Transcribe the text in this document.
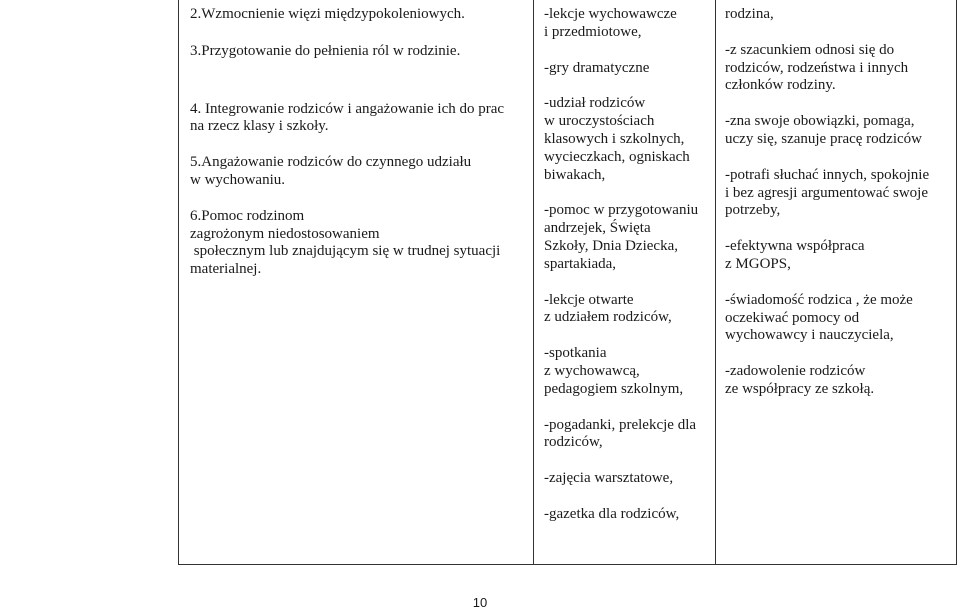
2.Wzmocnienie więzi międzypokoleniowych.

3.Przygotowanie do pełnienia ról w rodzinie.

4. Integrowanie rodziców i angażowanie ich do prac

na rzecz klasy i szkoły.

5.Angażowanie rodziców do czynnego udziału

w wychowaniu.

6.Pomoc rodzinom

zagrożonym niedostosowaniem

społecznym lub znajdującym się w trudnej sytuacji

materialnej.

-lekcje wychowawcze

i przedmiotowe,

-gry dramatyczne

-udział rodziców

w uroczystościach

klasowych i szkolnych,

wycieczkach, ogniskach

biwakach,

-pomoc w przygotowaniu

andrzejek, Święta

Szkoły, Dnia Dziecka,

spartakiada,

-lekcje otwarte

z udziałem rodziców,

-spotkania

z wychowawcą,

pedagogiem szkolnym,

-pogadanki, prelekcje dla

rodziców,

-zajęcia warsztatowe,

-gazetka dla rodziców,

rodzina,

-z szacunkiem odnosi się do

rodziców, rodzeństwa i innych

członków rodziny.

-zna swoje obowiązki, pomaga,

uczy się, szanuje pracę rodziców

-potrafi słuchać innych, spokojnie

i bez agresji argumentować swoje

potrzeby,

-efektywna współpraca

z MGOPS,

-świadomość rodzica , że może

oczekiwać pomocy od

wychowawcy i nauczyciela,

-zadowolenie rodziców

ze współpracy ze szkołą.

10
